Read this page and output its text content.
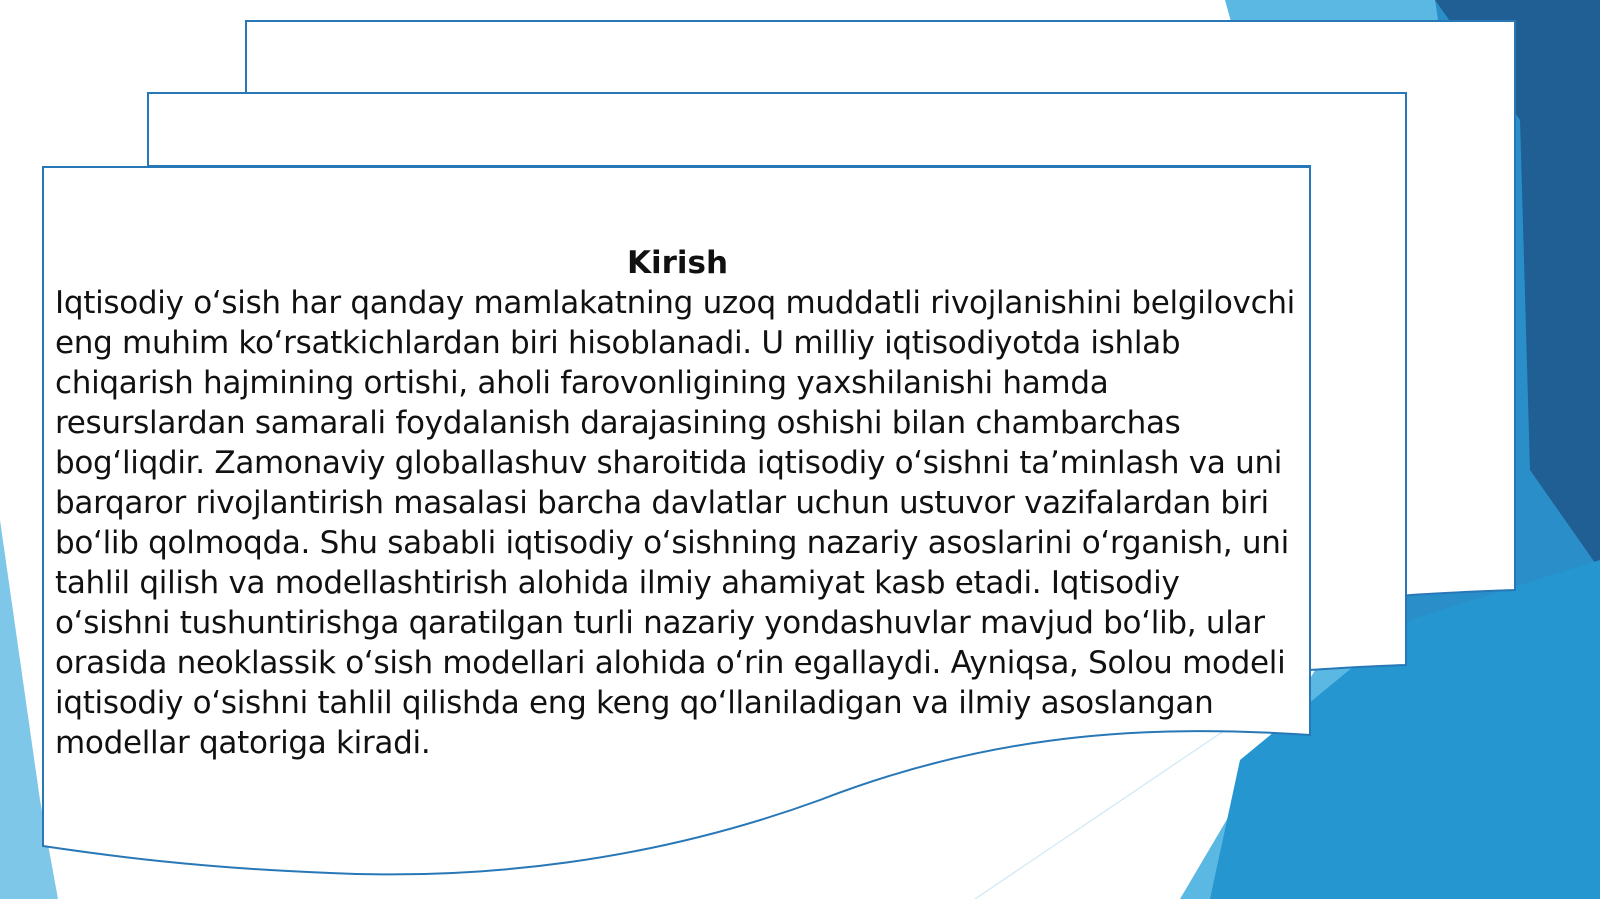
Kirish

Iqtisodiy oʻsish har qanday mamlakatning uzoq muddatli rivojlanishini belgilovchi eng muhim koʻrsatkichlardan biri hisoblanadi. U milliy iqtisodiyotda ishlab chiqarish hajmining ortishi, aholi farovonligining yaxshilanishi hamda resurslardan samarali foydalanish darajasining oshishi bilan chambarchas bogʻliqdir. Zamonaviy globallashuv sharoitida iqtisodiy oʻsishni taʼminlash va uni barqaror rivojlantirish masalasi barcha davlatlar uchun ustuvor vazifalardan biri boʻlib qolmoqda. Shu sababli iqtisodiy oʻsishning nazariy asoslarini oʻrganish, uni tahlil qilish va modellashtirish alohida ilmiy ahamiyat kasb etadi. Iqtisodiy oʻsishni tushuntirishga qaratilgan turli nazariy yondashuvlar mavjud boʻlib, ular orasida neoklassik oʻsish modellari alohida oʻrin egallaydi. Ayniqsa, Solou modeli iqtisodiy oʻsishni tahlil qilishda eng keng qoʻllaniladigan va ilmiy asoslangan modellar qatoriga kiradi.
